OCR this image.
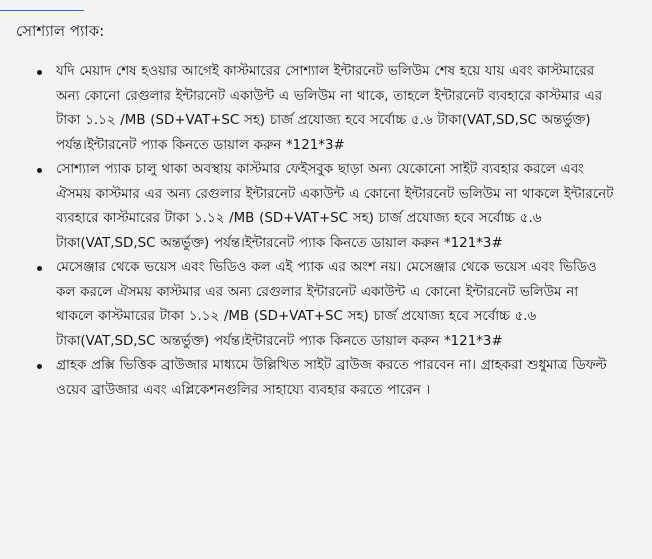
সোশ্যাল প্যাক:
যদি মেয়াদ শেষ হওয়ার আগেই কাস্টমারের সোশ্যাল ইন্টারনেট ভলিউম শেষ হয়ে যায় এবং কাস্টমারের অন্য কোনো রেগুলার ইন্টারনেট একাউন্ট এ ভলিউম না থাকে, তাহলে ইন্টারনেট ব্যবহারে কাস্টমার এর টাকা ১.১২ /MB (SD+VAT+SC সহ) চার্জ প্রযোজ্য হবে সর্বোচ্চ ৫.৬ টাকা(VAT,SD,SC অন্তর্ভুক্ত) পর্যন্ত।ইন্টারনেট প্যাক কিনতে ডায়াল করুন *121*3#
সোশ্যাল প্যাক চালু থাকা অবস্থায় কাস্টমার ফেইসবুক ছাড়া অন্য যেকোনো সাইট ব্যবহার করলে এবং ঐসময় কাস্টমার এর অন্য রেগুলার ইন্টারনেট একাউন্ট এ কোনো ইন্টারনেট ভলিউম না থাকলে ইন্টারনেট ব্যবহারে কাস্টমারের টাকা ১.১২ /MB (SD+VAT+SC সহ) চার্জ প্রযোজ্য হবে সর্বোচ্চ ৫.৬ টাকা(VAT,SD,SC অন্তর্ভুক্ত) পর্যন্ত।ইন্টারনেট প্যাক কিনতে ডায়াল করুন *121*3#
মেসেঞ্জার থেকে ভয়েস এবং ভিডিও কল এই প্যাক এর অংশ নয়। মেসেঞ্জার থেকে ভয়েস এবং ভিডিও কল করলে ঐসময় কাস্টমার এর অন্য রেগুলার ইন্টারনেট একাউন্ট এ কোনো ইন্টারনেট ভলিউম না থাকলে কাস্টমারের টাকা ১.১২ /MB (SD+VAT+SC সহ) চার্জ প্রযোজ্য হবে সর্বোচ্চ ৫.৬ টাকা(VAT,SD,SC অন্তর্ভুক্ত) পর্যন্ত।ইন্টারনেট প্যাক কিনতে ডায়াল করুন *121*3#
গ্রাহক প্রক্সি ভিত্তিক ব্রাউজার মাধ্যমে উল্লিখিত সাইট ব্রাউজ করতে পারবেন না। গ্রাহকরা শুধুমাত্র ডিফল্ট ওয়েব ব্রাউজার এবং এপ্লিকেশনগুলির সাহায্যে ব্যবহার করতে পারেন ।
